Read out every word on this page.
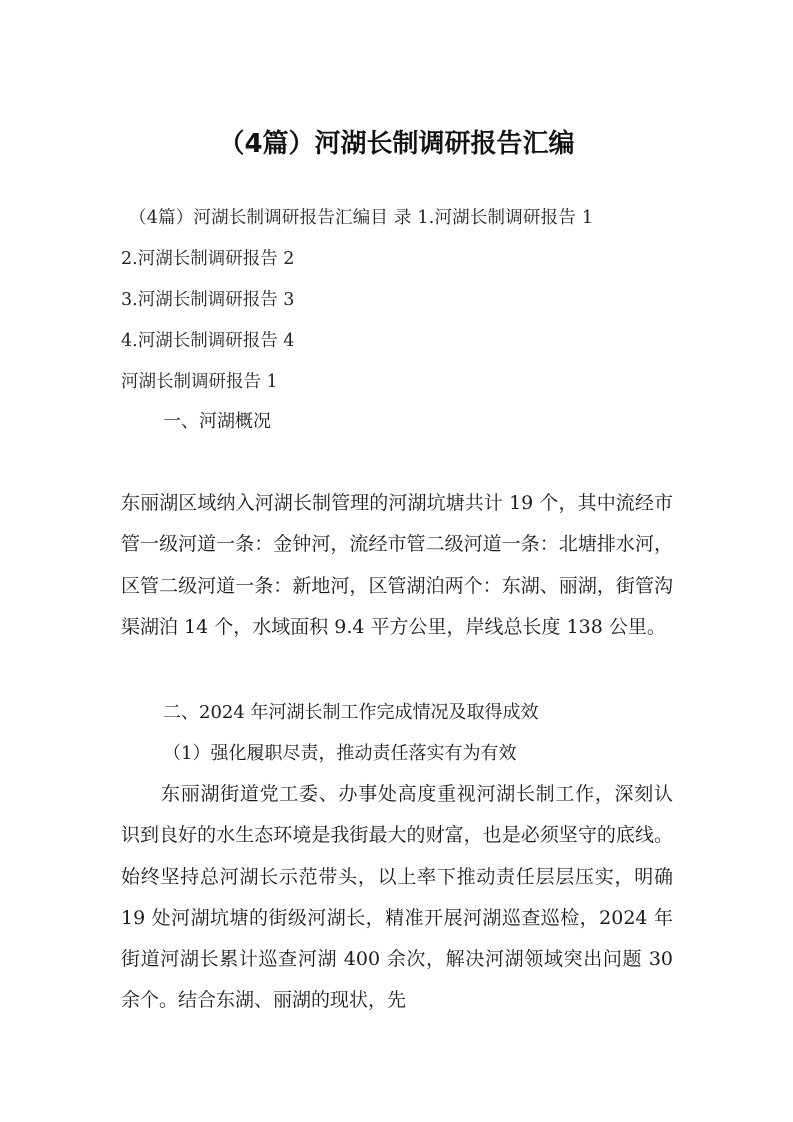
（4篇）河湖长制调研报告汇编
（4篇）河湖长制调研报告汇编目 录 1.河湖长制调研报告 1
2.河湖长制调研报告 2
3.河湖长制调研报告 3
4.河湖长制调研报告 4
河湖长制调研报告 1

一、河湖概况

东丽湖区域纳入河湖长制管理的河湖坑塘共计 19 个，其中流经市管一级河道一条：金钟河，流经市管二级河道一条：北塘排水河，区管二级河道一条：新地河，区管湖泊两个：东湖、丽湖，街管沟渠湖泊 14 个，水域面积 9.4 平方公里，岸线总长度 138 公里。

二、2024 年河湖长制工作完成情况及取得成效

（1）强化履职尽责，推动责任落实有为有效

东丽湖街道党工委、办事处高度重视河湖长制工作，深刻认识到良好的水生态环境是我街最大的财富，也是必须坚守的底线。始终坚持总河湖长示范带头，以上率下推动责任层层压实，明确 19 处河湖坑塘的街级河湖长，精准开展河湖巡查巡检，2024 年街道河湖长累计巡查河湖 400 余次，解决河湖领域突出问题 30 余个。结合东湖、丽湖的现状，先
